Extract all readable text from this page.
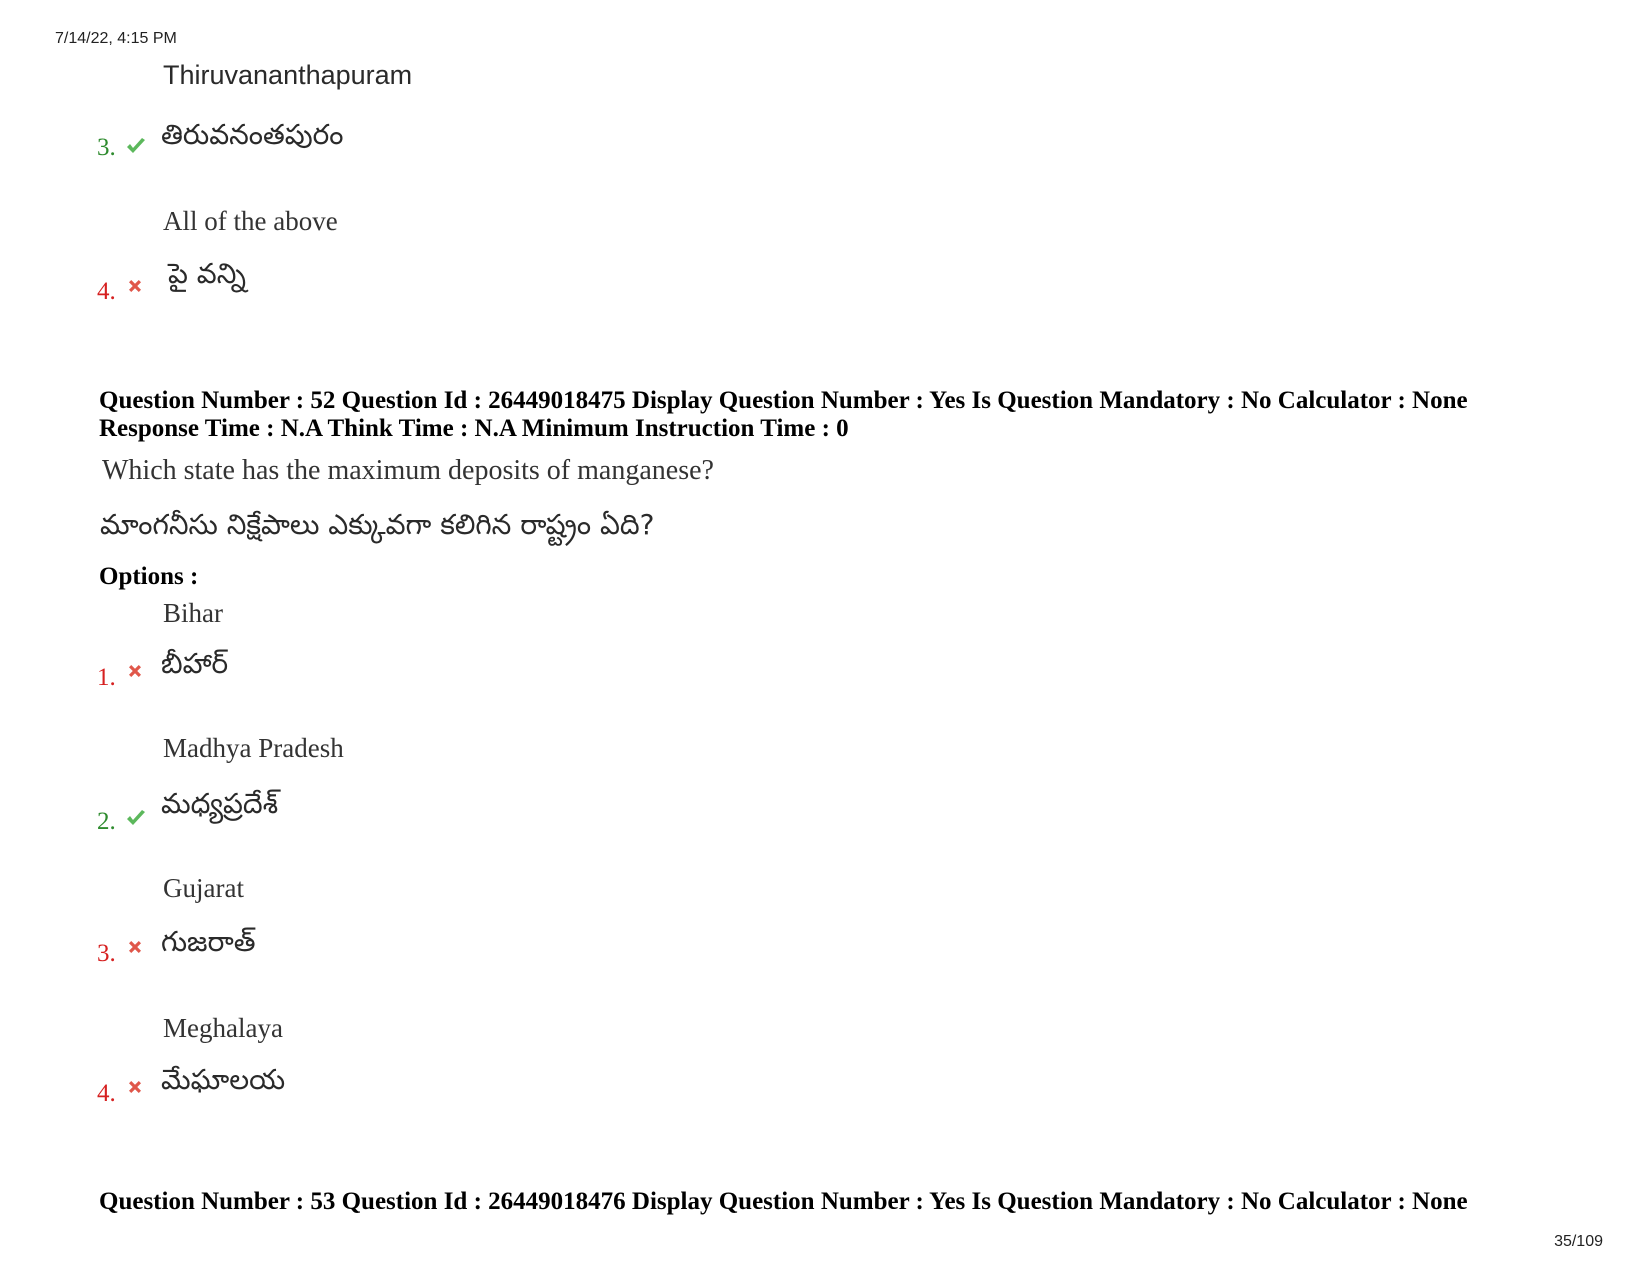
7/14/22, 4:15 PM
Thiruvananthapuram
3. తిరువనంతపురం
All of the above
4.
పై వన్ని
Question Number : 52 Question Id : 26449018475 Display Question Number : Yes Is Question Mandatory : No Calculator : None
Response Time : N.A Think Time : N.A Minimum Instruction Time : 0
Which state has the maximum deposits of manganese?
మాంగనీసు నిక్షేపాలు ఎక్కువగా కలిగిన రాష్ట్రం ఏది?
Options :
Bihar
1. బీహార్
Madhya Pradesh
2.
మధ్యప్రదేశ్
Gujarat
3. గుజరాత్
Meghalaya
4. మేఘాలయ
Question Number : 53 Question Id : 26449018476 Display Question Number : Yes Is Question Mandatory : No Calculator : None
35/109
